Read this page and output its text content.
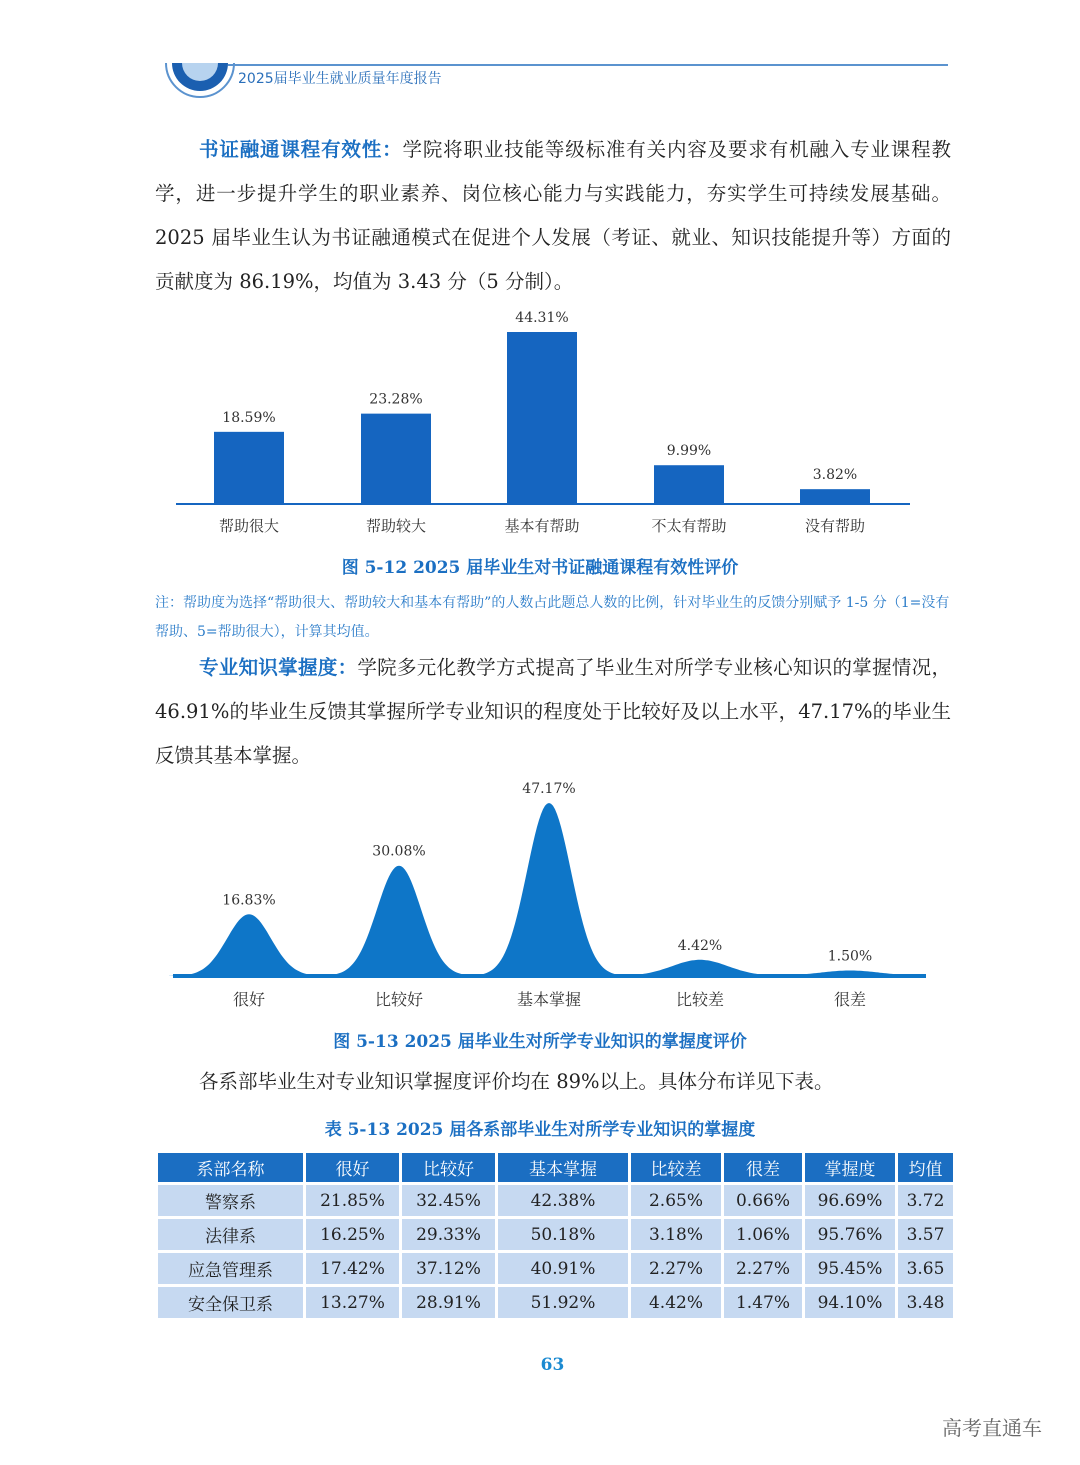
2025届毕业生就业质量年度报告
书证融通课程有效性：学院将职业技能等级标准有关内容及要求有机融入专业课程教学，进一步提升学生的职业素养、岗位核心能力与实践能力，夯实学生可持续发展基础。2025 届毕业生认为书证融通模式在促进个人发展（考证、就业、知识技能提升等）方面的贡献度为 86.19%，均值为 3.43 分（5 分制）。
18.59%
帮助很大
23.28%
帮助较大
44.31%
基本有帮助
9.99%
不太有帮助
3.82%
没有帮助
图 5-12 2025 届毕业生对书证融通课程有效性评价
注：帮助度为选择“帮助很大、帮助较大和基本有帮助”的人数占此题总人数的比例，针对毕业生的反馈分别赋予 1-5 分（1=没有帮助、5=帮助很大），计算其均值。
专业知识掌握度：学院多元化教学方式提高了毕业生对所学专业核心知识的掌握情况，46.91%的毕业生反馈其掌握所学专业知识的程度处于比较好及以上水平，47.17%的毕业生反馈其基本掌握。
16.83%
很好
30.08%
比较好
47.17%
基本掌握
4.42%
比较差
1.50%
很差
图 5-13 2025 届毕业生对所学专业知识的掌握度评价
各系部毕业生对专业知识掌握度评价均在 89%以上。具体分布详见下表。
表 5-13 2025 届各系部毕业生对所学专业知识的掌握度
系部名称	很好	比较好	基本掌握	比较差	很差	掌握度	均值
警察系	21.85%	32.45%	42.38%	2.65%	0.66%	96.69%	3.72
法律系	16.25%	29.33%	50.18%	3.18%	1.06%	95.76%	3.57
应急管理系	17.42%	37.12%	40.91%	2.27%	2.27%	95.45%	3.65
安全保卫系	13.27%	28.91%	51.92%	4.42%	1.47%	94.10%	3.48
63
高考直通车
